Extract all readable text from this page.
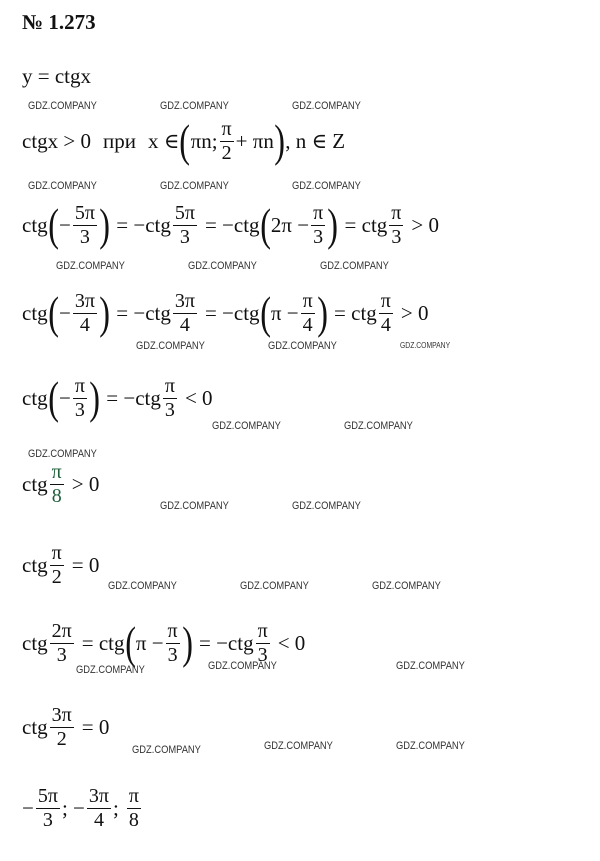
№ 1.273
y = ctgx
ctgx > 0 при x ∈ ( πn; $\frac{\pi}{2} + \pi n$ ) , n ∈ Z
ctg ( − $\frac{5\pi}{3}$ ) = $-ctg \frac{5\pi}{3} = -ctg$ ( $2\pi - \frac{\pi}{3}$ ) = ctg $\frac{\pi}{3} > 0$
ctg ( − $\frac{3\pi}{4}$ ) = $-ctg \frac{3\pi}{4} = -ctg$ ( $\pi - \frac{\pi}{4}$ ) = ctg $\frac{\pi}{4} > 0$
ctg ( − $\frac{\pi}{3}$ ) = $-ctg \frac{\pi}{3} < 0$
ctg $\frac{\pi}{8} > 0$
ctg $\frac{\pi}{2} = 0$
ctg $\frac{2\pi}{3}$ = ctg ( $\pi - \frac{\pi}{3}$ ) = $-ctg \frac{\pi}{3} < 0$
ctg $\frac{3\pi}{2} = 0$
− $\frac{5\pi}{3}$ ; − $\frac{3\pi}{4}$ ; $\frac{\pi}{8}$
GDZ.COMPANY	GDZ.COMPANY	GDZ.COMPANY
GDZ.COMPANY	GDZ.COMPANY	GDZ.COMPANY
GDZ.COMPANY	GDZ.COMPANY	GDZ.COMPANY
GDZ.COMPANY	GDZ.COMPANY	GDZ.COMPANY
GDZ.COMPANY	GDZ.COMPANY
GDZ.COMPANY
GDZ.COMPANY	GDZ.COMPANY
GDZ.COMPANY	GDZ.COMPANY	GDZ.COMPANY
GDZ.COMPANY	GDZ.COMPANY	GDZ.COMPANY
GDZ.COMPANY	GDZ.COMPANY	GDZ.COMPANY
